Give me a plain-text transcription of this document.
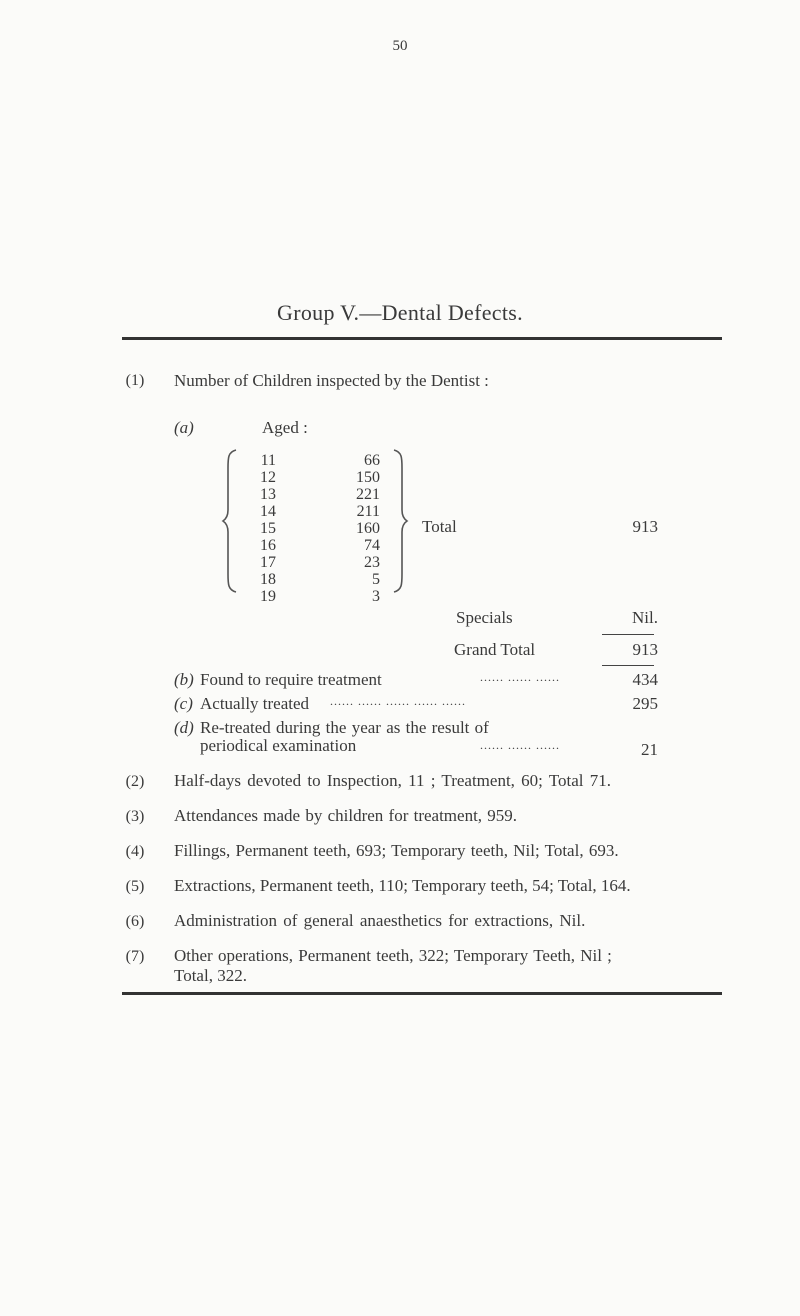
50
Group V.—Dental Defects.
(1)	Number of Children inspected by the Dentist :
(a)	Aged :
11	66
12	150
13	221
14	211
15	160
16	74
17	23
18	5
19	3
Total	913
Specials	Nil.
Grand Total	913
(b) Found to require treatment	...... ...... ......	434
(c) Actually treated ...... ...... ...... ...... ......	295
(d) Re-treated during the year as the result of
periodical examination	...... ...... ......	21
(2)	Half-days devoted to Inspection, 11 ; Treatment, 60; Total 71.
(3)	Attendances made by children for treatment, 959.
(4)	Fillings, Permanent teeth, 693; Temporary teeth, Nil; Total, 693.
(5)	Extractions, Permanent teeth, 110; Temporary teeth, 54; Total, 164.
(6)	Administration of general anaesthetics for extractions, Nil.
(7)	Other operations, Permanent teeth, 322; Temporary Teeth, Nil ;
Total, 322.
